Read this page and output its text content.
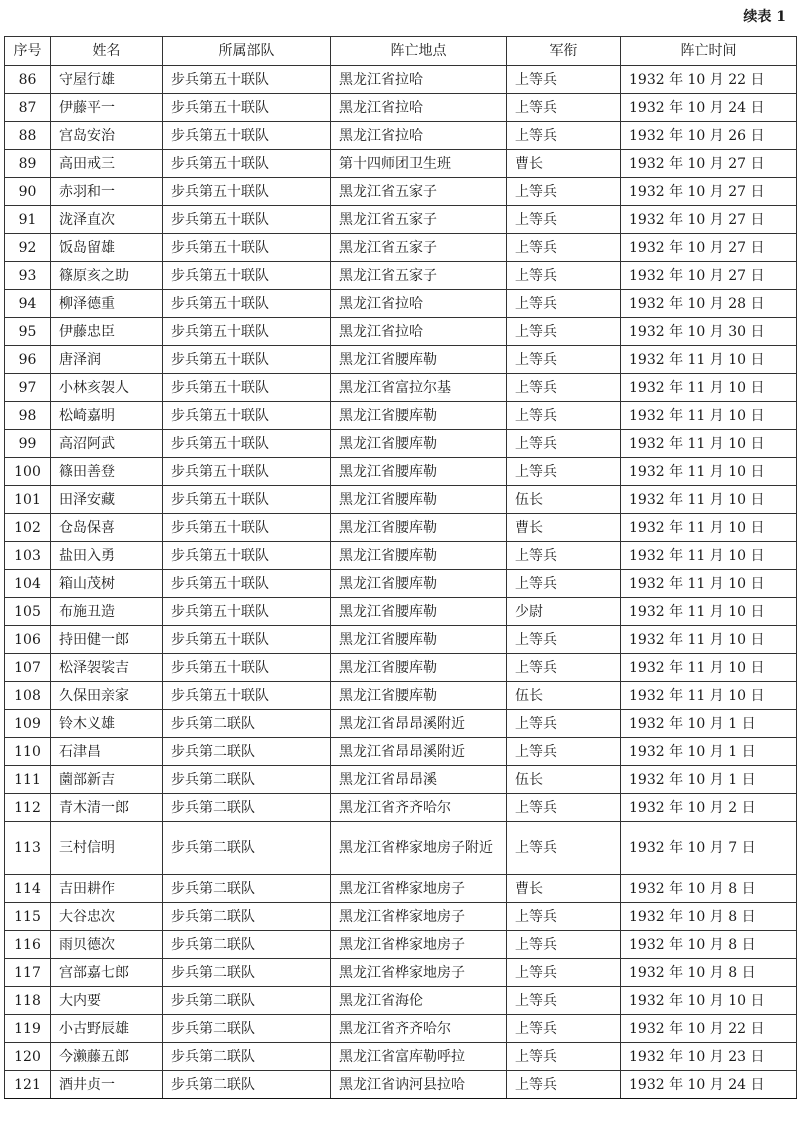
续表 1
序号	姓名	所属部队	阵亡地点	军衔	阵亡时间
86	守屋行雄	步兵第五十联队	黑龙江省拉哈	上等兵	1932 年 10 月 22 日
87	伊藤平一	步兵第五十联队	黑龙江省拉哈	上等兵	1932 年 10 月 24 日
88	宫岛安治	步兵第五十联队	黑龙江省拉哈	上等兵	1932 年 10 月 26 日
89	高田戒三	步兵第五十联队	第十四师团卫生班	曹长	1932 年 10 月 27 日
90	赤羽和一	步兵第五十联队	黑龙江省五家子	上等兵	1932 年 10 月 27 日
91	泷泽直次	步兵第五十联队	黑龙江省五家子	上等兵	1932 年 10 月 27 日
92	饭岛留雄	步兵第五十联队	黑龙江省五家子	上等兵	1932 年 10 月 27 日
93	篠原亥之助	步兵第五十联队	黑龙江省五家子	上等兵	1932 年 10 月 27 日
94	柳泽德重	步兵第五十联队	黑龙江省拉哈	上等兵	1932 年 10 月 28 日
95	伊藤忠臣	步兵第五十联队	黑龙江省拉哈	上等兵	1932 年 10 月 30 日
96	唐泽润	步兵第五十联队	黑龙江省腰库勒	上等兵	1932 年 11 月 10 日
97	小林亥袈人	步兵第五十联队	黑龙江省富拉尔基	上等兵	1932 年 11 月 10 日
98	松崎嘉明	步兵第五十联队	黑龙江省腰库勒	上等兵	1932 年 11 月 10 日
99	高沼阿武	步兵第五十联队	黑龙江省腰库勒	上等兵	1932 年 11 月 10 日
100	篠田善登	步兵第五十联队	黑龙江省腰库勒	上等兵	1932 年 11 月 10 日
101	田泽安藏	步兵第五十联队	黑龙江省腰库勒	伍长	1932 年 11 月 10 日
102	仓岛保喜	步兵第五十联队	黑龙江省腰库勒	曹长	1932 年 11 月 10 日
103	盐田入勇	步兵第五十联队	黑龙江省腰库勒	上等兵	1932 年 11 月 10 日
104	箱山茂树	步兵第五十联队	黑龙江省腰库勒	上等兵	1932 年 11 月 10 日
105	布施丑造	步兵第五十联队	黑龙江省腰库勒	少尉	1932 年 11 月 10 日
106	持田健一郎	步兵第五十联队	黑龙江省腰库勒	上等兵	1932 年 11 月 10 日
107	松泽袈裟吉	步兵第五十联队	黑龙江省腰库勒	上等兵	1932 年 11 月 10 日
108	久保田亲家	步兵第五十联队	黑龙江省腰库勒	伍长	1932 年 11 月 10 日
109	铃木义雄	步兵第二联队	黑龙江省昂昂溪附近	上等兵	1932 年 10 月 1 日
110	石津昌	步兵第二联队	黑龙江省昂昂溪附近	上等兵	1932 年 10 月 1 日
111	薗部新吉	步兵第二联队	黑龙江省昂昂溪	伍长	1932 年 10 月 1 日
112	青木清一郎	步兵第二联队	黑龙江省齐齐哈尔	上等兵	1932 年 10 月 2 日
113	三村信明	步兵第二联队	黑龙江省桦家地房子附近	上等兵	1932 年 10 月 7 日
114	吉田耕作	步兵第二联队	黑龙江省桦家地房子	曹长	1932 年 10 月 8 日
115	大谷忠次	步兵第二联队	黑龙江省桦家地房子	上等兵	1932 年 10 月 8 日
116	雨贝德次	步兵第二联队	黑龙江省桦家地房子	上等兵	1932 年 10 月 8 日
117	宫部嘉七郎	步兵第二联队	黑龙江省桦家地房子	上等兵	1932 年 10 月 8 日
118	大内要	步兵第二联队	黑龙江省海伦	上等兵	1932 年 10 月 10 日
119	小古野辰雄	步兵第二联队	黑龙江省齐齐哈尔	上等兵	1932 年 10 月 22 日
120	今濑藤五郎	步兵第二联队	黑龙江省富库勒呼拉	上等兵	1932 年 10 月 23 日
121	酒井贞一	步兵第二联队	黑龙江省讷河县拉哈	上等兵	1932 年 10 月 24 日
